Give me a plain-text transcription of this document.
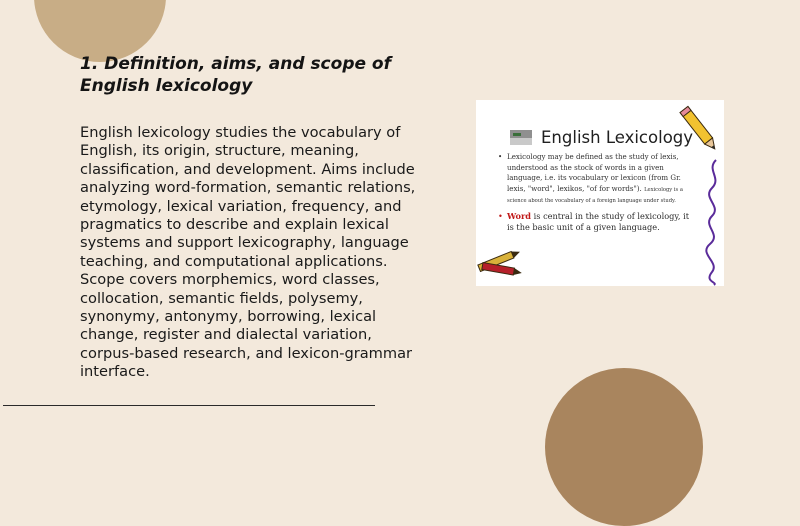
1. Definition, aims, and scope of English lexicology

English lexicology studies the vocabulary of English, its origin, structure, meaning, classification, and development. Aims include analyzing word-formation, semantic relations, etymology, lexical variation, frequency, and pragmatics to describe and explain lexical systems and support lexicography, language teaching, and computational applications. Scope covers morphemics, word classes, collocation, semantic fields, polysemy, synonymy, antonymy, borrowing, lexical change, register and dialectal variation, corpus-based research, and lexicon-grammar interface.

English Lexicology
• Lexicology may be defined as the study of lexis, understood as the stock of words in a given language, i.e. its vocabulary or lexicon (from Gr. lexis, "word", lexikos, "of for words"). Lexicology is a science about the vocabulary of a foreign language under study.
• Word is central in the study of lexicology, it is the basic unit of a given language.
